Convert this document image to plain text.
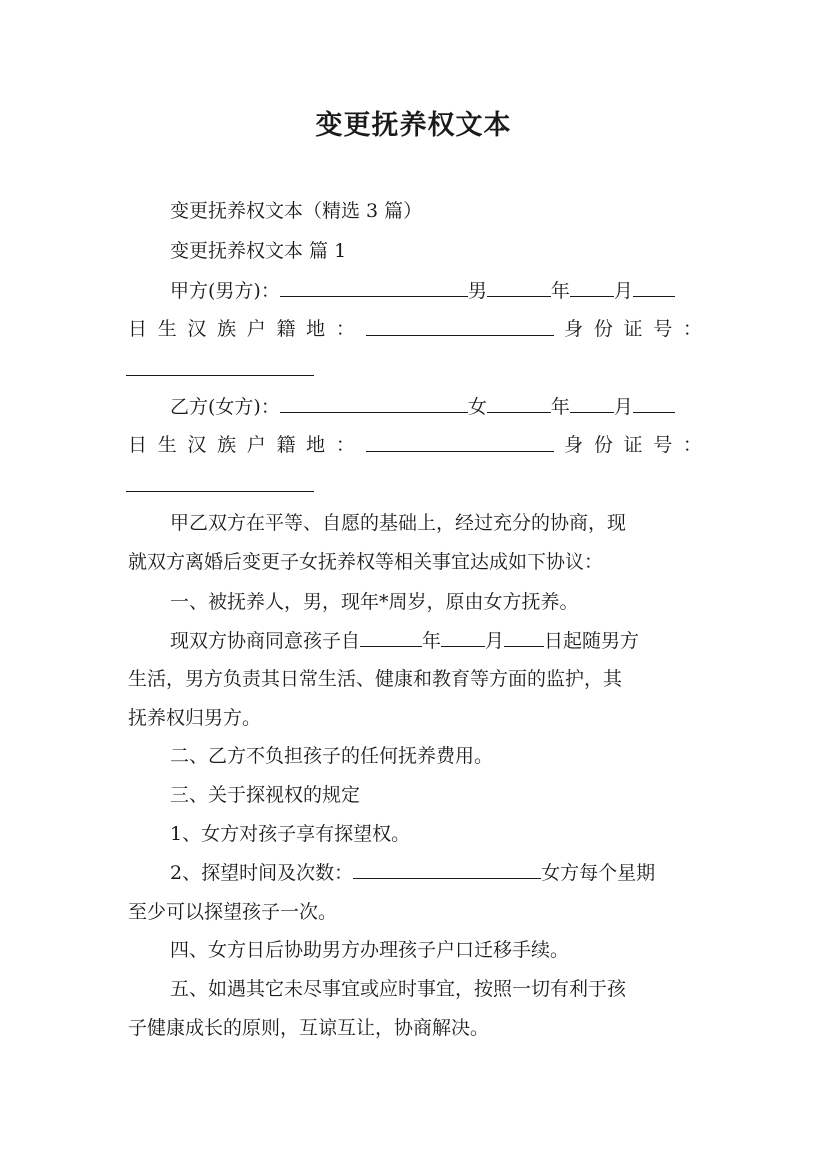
变更抚养权文本
变更抚养权文本（精选 3 篇）
变更抚养权文本 篇 1
甲方(男方)：	男	年 月
日 生 汉 族 户 籍 地 ：	身 份 证 号 ：
乙方(女方)：	女	年 月
日 生 汉 族 户 籍 地 ：	身 份 证 号 ：
甲乙双方在平等、自愿的基础上，经过充分的协商，现
就双方离婚后变更子女抚养权等相关事宜达成如下协议：
一、被抚养人，男，现年*周岁，原由女方抚养。
现双方协商同意孩子自	年 月 日起随男方
生活，男方负责其日常生活、健康和教育等方面的监护，其
抚养权归男方。
二、乙方不负担孩子的任何抚养费用。
三、关于探视权的规定
1、女方对孩子享有探望权。
2、探望时间及次数：	女方每个星期
至少可以探望孩子一次。
四、女方日后协助男方办理孩子户口迁移手续。
五、如遇其它未尽事宜或应时事宜，按照一切有利于孩
子健康成长的原则，互谅互让，协商解决。
